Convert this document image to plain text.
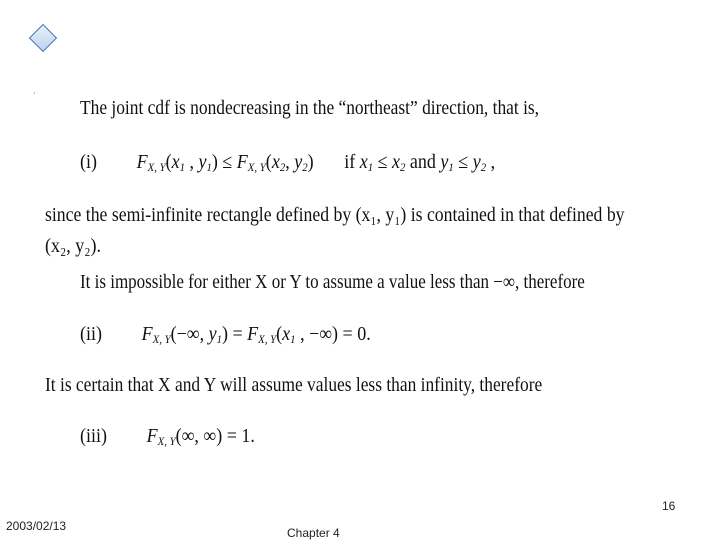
‘
The joint cdf is nondecreasing in the “northeast” direction, that is,
(i) $F_{X, Y}(x_1$ , $y_1) \le F_{X, Y}(x_2$, $y_2$) if $x_1 \le x_2$ and $y_1 \le y_2$ ,
since the semi-infinite rectangle defined by (x₁, y₁) is contained in that defined by
(x₂, y₂).
It is impossible for either X or Y to assume a value less than −∞, therefore
(ii) $F_{X, Y}(-\infty$, $y_1) = F_{X, Y}(x_1$ , −∞) = 0.
It is certain that X and Y will assume values less than infinity, therefore
(iii) $F_{X, Y}(\infty$, ∞) = 1.
16
2003/02/13	Chapter 4
